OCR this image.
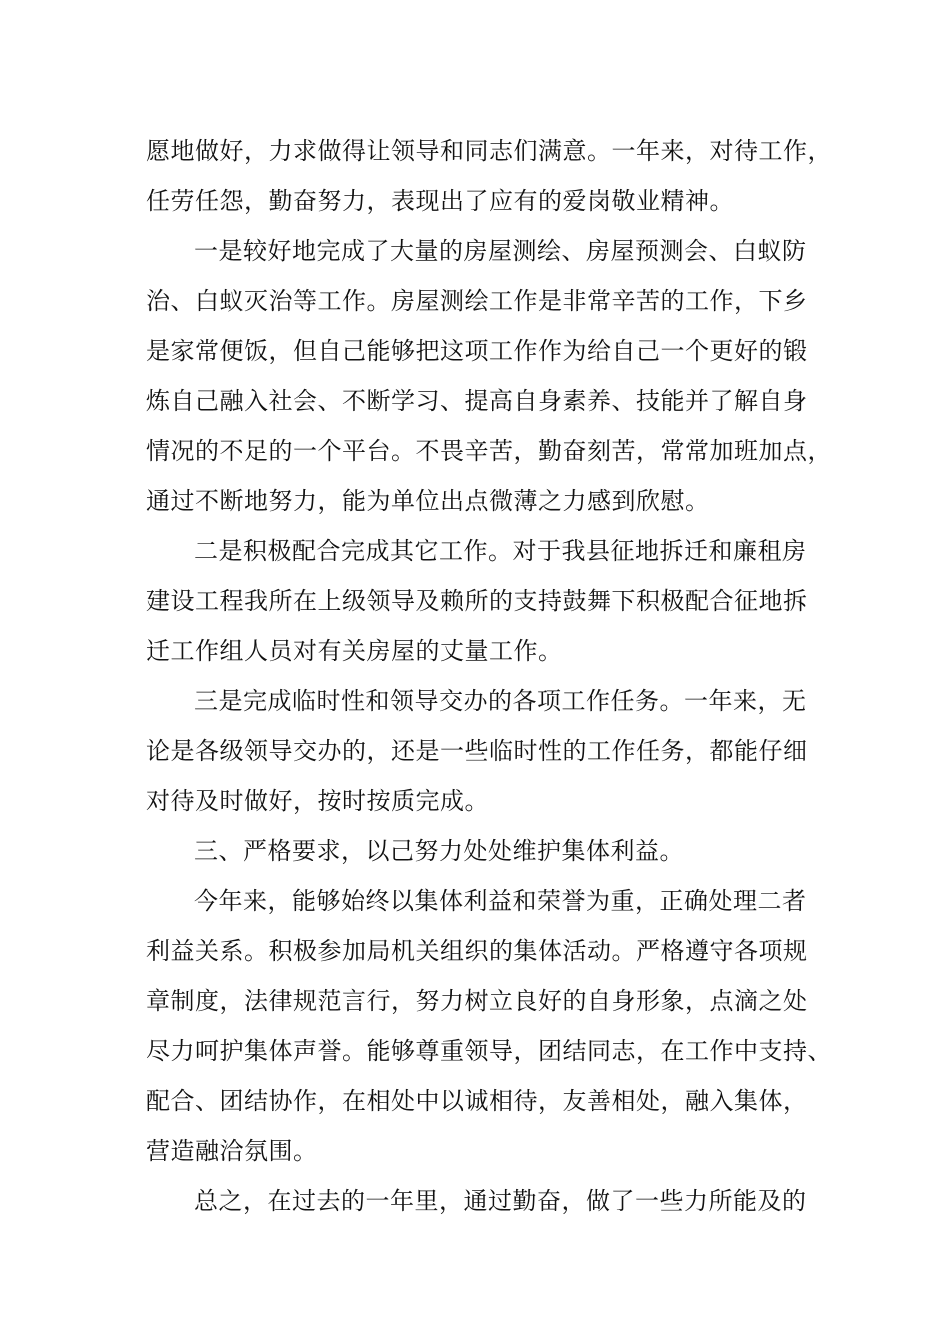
愿地做好，力求做得让领导和同志们满意。一年来，对待工作，
任劳任怨，勤奋努力，表现出了应有的爱岗敬业精神。
一是较好地完成了大量的房屋测绘、房屋预测会、白蚁防
治、白蚁灭治等工作。房屋测绘工作是非常辛苦的工作，下乡
是家常便饭，但自己能够把这项工作作为给自己一个更好的锻
炼自己融入社会、不断学习、提高自身素养、技能并了解自身
情况的不足的一个平台。不畏辛苦，勤奋刻苦，常常加班加点，
通过不断地努力，能为单位出点微薄之力感到欣慰。
二是积极配合完成其它工作。对于我县征地拆迁和廉租房
建设工程我所在上级领导及赖所的支持鼓舞下积极配合征地拆
迁工作组人员对有关房屋的丈量工作。
三是完成临时性和领导交办的各项工作任务。一年来，无
论是各级领导交办的，还是一些临时性的工作任务，都能仔细
对待及时做好，按时按质完成。
三、严格要求，以己努力处处维护集体利益。
今年来，能够始终以集体利益和荣誉为重，正确处理二者
利益关系。积极参加局机关组织的集体活动。严格遵守各项规
章制度，法律规范言行，努力树立良好的自身形象，点滴之处
尽力呵护集体声誉。能够尊重领导，团结同志，在工作中支持、
配合、团结协作，在相处中以诚相待，友善相处，融入集体，
营造融洽氛围。
总之，在过去的一年里，通过勤奋，做了一些力所能及的
